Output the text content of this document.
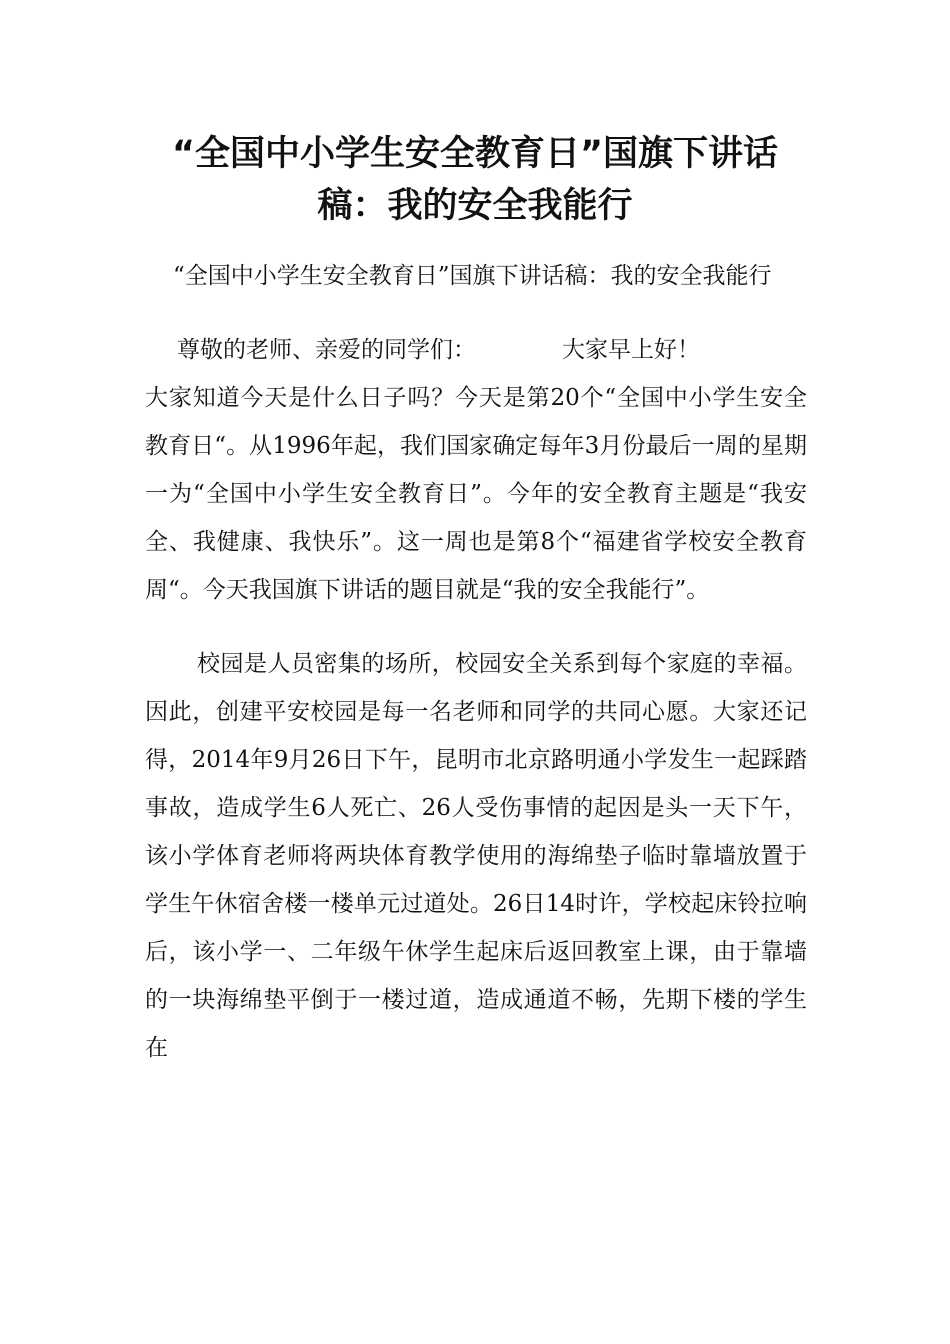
“全国中小学生安全教育日”国旗下讲话稿：我的安全我能行

“全国中小学生安全教育日”国旗下讲话稿：我的安全我能行

尊敬的老师、亲爱的同学们：	大家早上好！

大家知道今天是什么日子吗？今天是第20个“全国中小学生安全教育日“。从1996年起，我们国家确定每年3月份最后一周的星期一为“全国中小学生安全教育日”。今年的安全教育主题是“我安全、我健康、我快乐”。这一周也是第8个“福建省学校安全教育周“。今天我国旗下讲话的题目就是“我的安全我能行”。

校园是人员密集的场所，校园安全关系到每个家庭的幸福。因此，创建平安校园是每一名老师和同学的共同心愿。大家还记得，2014年9月26日下午，昆明市北京路明通小学发生一起踩踏事故，造成学生6人死亡、26人受伤事情的起因是头一天下午，该小学体育老师将两块体育教学使用的海绵垫子临时靠墙放置于学生午休宿舍楼一楼单元过道处。26日14时许，学校起床铃拉响后，该小学一、二年级午休学生起床后返回教室上课，由于靠墙的一块海绵垫平倒于一楼过道，造成通道不畅，先期下楼的学生在
